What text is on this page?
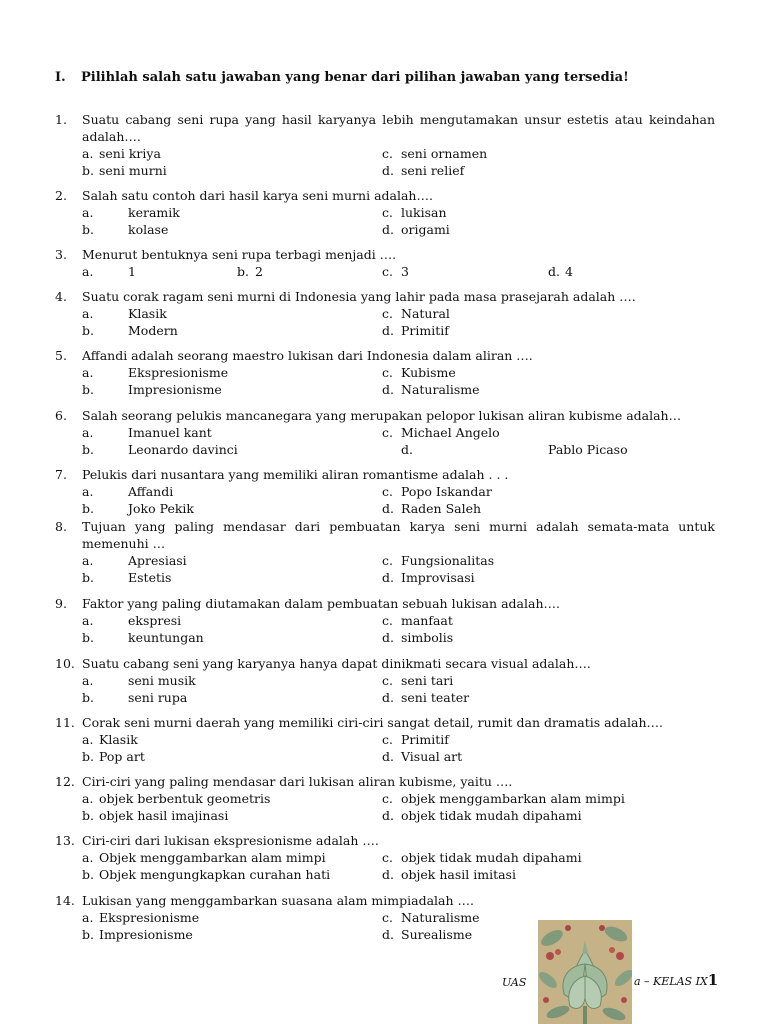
I. Pilihlah salah satu jawaban yang benar dari pilihan jawaban yang tersedia!
1. Suatu cabang seni rupa yang hasil karyanya lebih mengutamakan unsur estetis atau keindahan adalah….
a. seni kriya	c. seni ornamen
b. seni murni	d. seni relief
2. Salah satu contoh dari hasil karya seni murni adalah….
a.	keramik	c. lukisan
b.	kolase	d. origami
3. Menurut bentuknya seni rupa terbagi menjadi ….
a.	1	b. 2	c. 3	d. 4
4. Suatu corak ragam seni murni di Indonesia yang lahir pada masa prasejarah adalah ….
a.	Klasik	c. Natural
b.	Modern	d. Primitif
5. Affandi adalah seorang maestro lukisan dari Indonesia dalam aliran ….
a.	Ekspresionisme	c. Kubisme
b.	Impresionisme	d. Naturalisme
6. Salah seorang pelukis mancanegara yang merupakan pelopor lukisan aliran kubisme adalah…
a.	Imanuel kant	c. Michael Angelo
b.	Leonardo davinci	d.	Pablo Picaso
7. Pelukis dari nusantara yang memiliki aliran romantisme adalah . . .
a.	Affandi	c. Popo Iskandar
b.	Joko Pekik	d. Raden Saleh
8. Tujuan yang paling mendasar dari pembuatan karya seni murni adalah semata-mata untuk memenuhi …
a.	Apresiasi	c. Fungsionalitas
b.	Estetis	d. Improvisasi
9. Faktor yang paling diutamakan dalam pembuatan sebuah lukisan adalah….
a.	ekspresi	c. manfaat
b.	keuntungan	d. simbolis
10. Suatu cabang seni yang karyanya hanya dapat dinikmati secara visual adalah….
a.	seni musik	c. seni tari
b.	seni rupa	d. seni teater
11. Corak seni murni daerah yang memiliki ciri-ciri sangat detail, rumit dan dramatis adalah….
a. Klasik	c. Primitif
b. Pop art	d. Visual art
12. Ciri-ciri yang paling mendasar dari lukisan aliran kubisme, yaitu ….
a. objek berbentuk geometris	c. objek menggambarkan alam mimpi
b. objek hasil imajinasi	d. objek tidak mudah dipahami
13. Ciri-ciri dari lukisan ekspresionisme adalah ….
a. Objek menggambarkan alam mimpi	c. objek tidak mudah dipahami
b. Objek mengungkapkan curahan hati	d. objek hasil imitasi
14. Lukisan yang menggambarkan suasana alam mimpiadalah ….
a. Ekspresionisme	c. Naturalisme
b. Impresionisme	d. Surealisme
UAS	a – KELAS IX1
